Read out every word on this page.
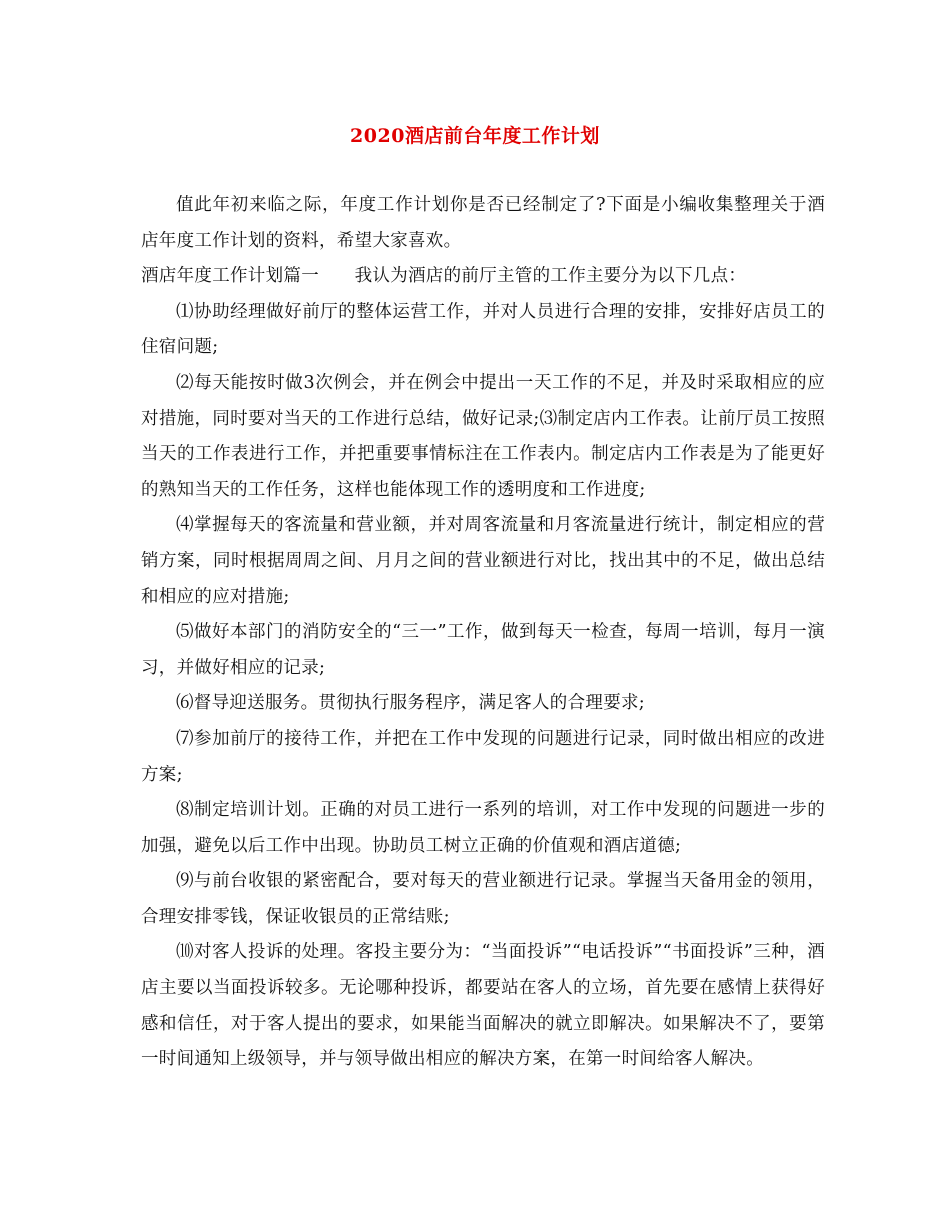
2020酒店前台年度工作计划

值此年初来临之际，年度工作计划你是否已经制定了?下面是小编收集整理关于酒店年度工作计划的资料，希望大家喜欢。

酒店年度工作计划篇一　　我认为酒店的前厅主管的工作主要分为以下几点：

⑴协助经理做好前厅的整体运营工作，并对人员进行合理的安排，安排好店员工的住宿问题;

⑵每天能按时做3次例会，并在例会中提出一天工作的不足，并及时采取相应的应对措施，同时要对当天的工作进行总结，做好记录;⑶制定店内工作表。让前厅员工按照当天的工作表进行工作，并把重要事情标注在工作表内。制定店内工作表是为了能更好的熟知当天的工作任务，这样也能体现工作的透明度和工作进度;

⑷掌握每天的客流量和营业额，并对周客流量和月客流量进行统计，制定相应的营销方案，同时根据周周之间、月月之间的营业额进行对比，找出其中的不足，做出总结和相应的应对措施;

⑸做好本部门的消防安全的“三一”工作，做到每天一检查，每周一培训，每月一演习，并做好相应的记录;

⑹督导迎送服务。贯彻执行服务程序，满足客人的合理要求;

⑺参加前厅的接待工作，并把在工作中发现的问题进行记录，同时做出相应的改进方案;

⑻制定培训计划。正确的对员工进行一系列的培训，对工作中发现的问题进一步的加强，避免以后工作中出现。协助员工树立正确的价值观和酒店道德;

⑼与前台收银的紧密配合，要对每天的营业额进行记录。掌握当天备用金的领用，合理安排零钱，保证收银员的正常结账;

⑽对客人投诉的处理。客投主要分为：“当面投诉”“电话投诉”“书面投诉”三种，酒店主要以当面投诉较多。无论哪种投诉，都要站在客人的立场，首先要在感情上获得好感和信任，对于客人提出的要求，如果能当面解决的就立即解决。如果解决不了，要第一时间通知上级领导，并与领导做出相应的解决方案，在第一时间给客人解决。
